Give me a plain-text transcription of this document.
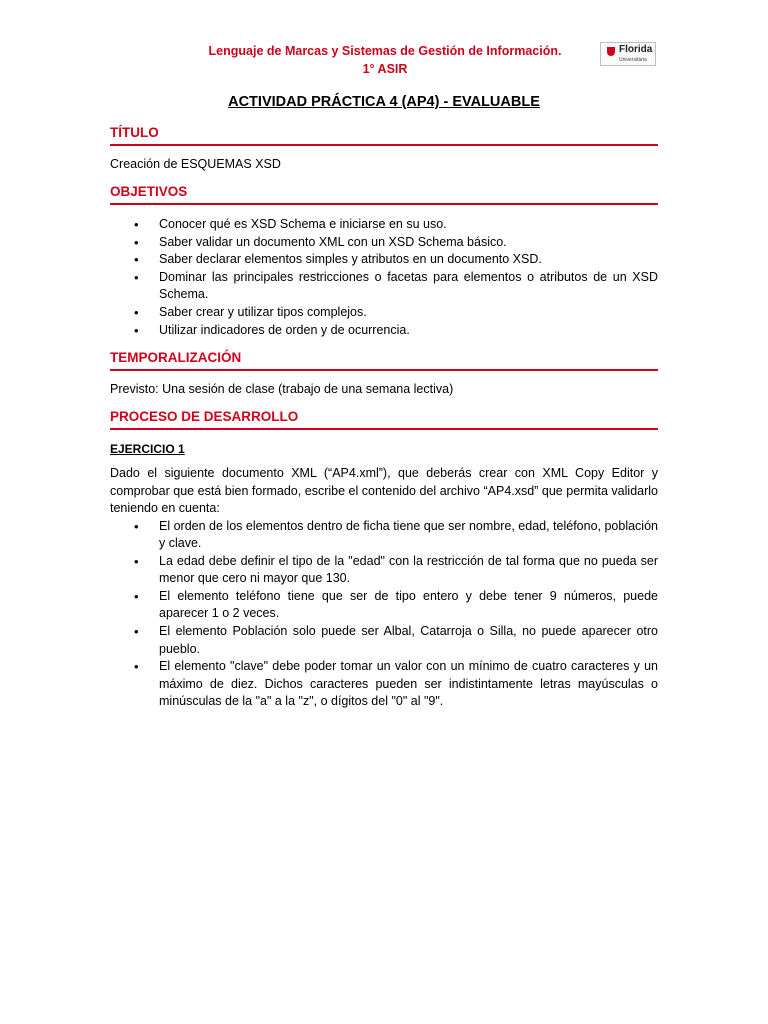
Lenguaje de Marcas y Sistemas de Gestión de Información.
1° ASIR
Florida
Universitària
ACTIVIDAD PRÁCTICA 4 (AP4) - EVALUABLE
TÍTULO

Creación de ESQUEMAS XSD

OBJETIVOS
• Conocer qué es XSD Schema e iniciarse en su uso.
• Saber validar un documento XML con un XSD Schema básico.
• Saber declarar elementos simples y atributos en un documento XSD.
• Dominar las principales restricciones o facetas para elementos o atributos de un XSD Schema.
• Saber crear y utilizar tipos complejos.
• Utilizar indicadores de orden y de ocurrencia.
TEMPORALIZACIÓN

Previsto: Una sesión de clase (trabajo de una semana lectiva)

PROCESO DE DESARROLLO
EJERCICIO 1

Dado el siguiente documento XML (“AP4.xml”), que deberás crear con XML Copy Editor y comprobar que está bien formado, escribe el contenido del archivo “AP4.xsd” que permita validarlo teniendo en cuenta:

• El orden de los elementos dentro de ficha tiene que ser nombre, edad, teléfono, población y clave.
• La edad debe definir el tipo de la "edad" con la restricción de tal forma que no pueda ser menor que cero ni mayor que 130.
• El elemento teléfono tiene que ser de tipo entero y debe tener 9 números, puede aparecer 1 o 2 veces.
• El elemento Población solo puede ser Albal, Catarroja o Silla, no puede aparecer otro pueblo.
• El elemento "clave" debe poder tomar un valor con un mínimo de cuatro caracteres y un máximo de diez. Dichos caracteres pueden ser indistintamente letras mayúsculas o minúsculas de la "a" a la "z", o dígitos del "0" al "9".
